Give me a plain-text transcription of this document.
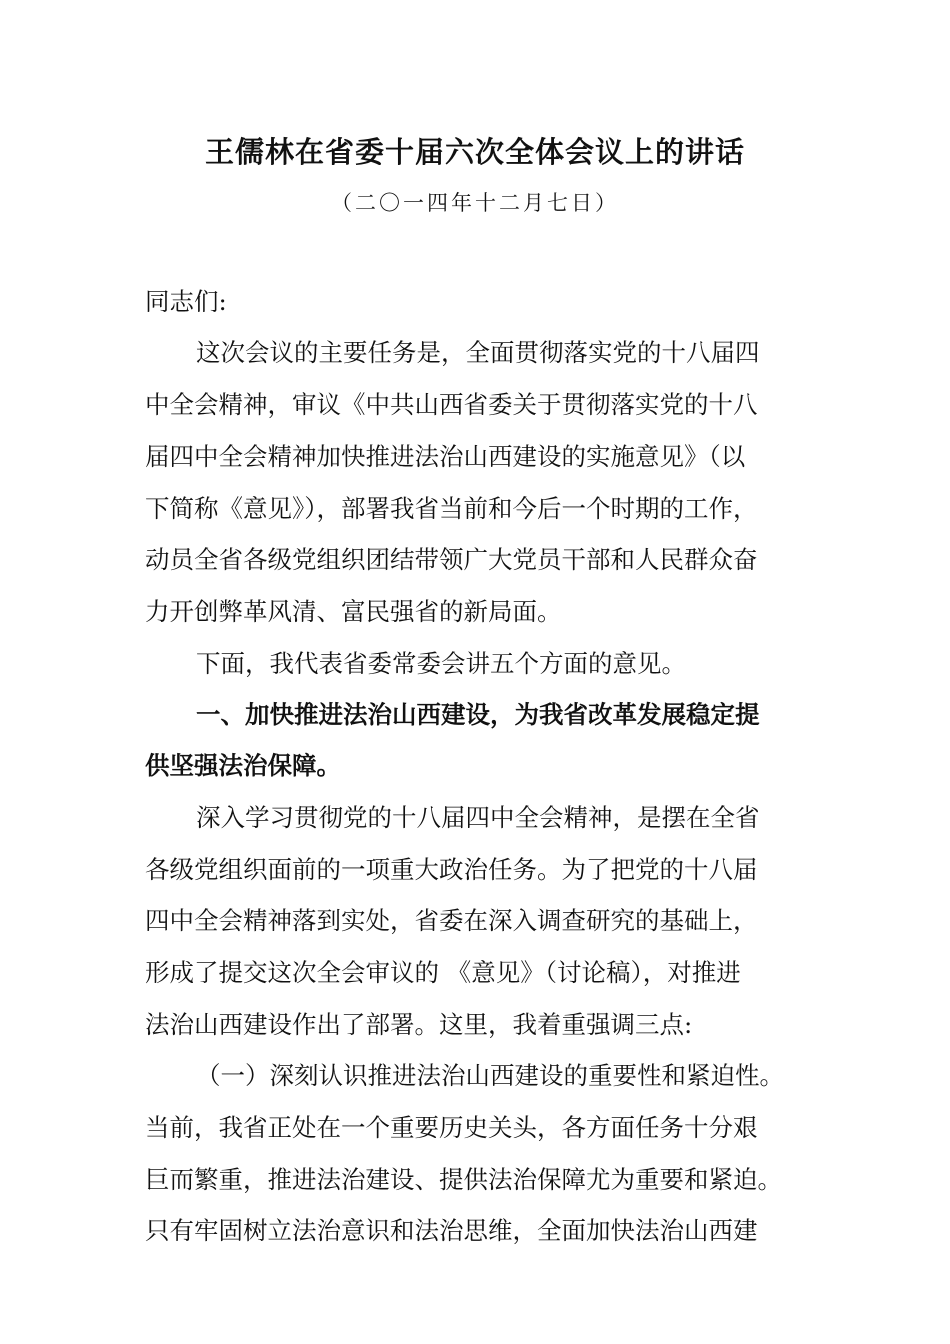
王儒林在省委十届六次全体会议上的讲话
（二〇一四年十二月七日）
同志们:
这次会议的主要任务是，全面贯彻落实党的十八届四
中全会精神，审议《中共山西省委关于贯彻落实党的十八
届四中全会精神加快推进法治山西建设的实施意见》（以
下简称《意见》），部署我省当前和今后一个时期的工作，
动员全省各级党组织团结带领广大党员干部和人民群众奋
力开创弊革风清、富民强省的新局面。
下面，我代表省委常委会讲五个方面的意见。
一、加快推进法治山西建设，为我省改革发展稳定提
供坚强法治保障。
深入学习贯彻党的十八届四中全会精神，是摆在全省
各级党组织面前的一项重大政治任务。为了把党的十八届
四中全会精神落到实处，省委在深入调查研究的基础上，
形成了提交这次全会审议的 《意见》（讨论稿），对推进
法治山西建设作出了部署。这里，我着重强调三点:
（一）深刻认识推进法治山西建设的重要性和紧迫性。
当前，我省正处在一个重要历史关头，各方面任务十分艰
巨而繁重，推进法治建设、提供法治保障尤为重要和紧迫。
只有牢固树立法治意识和法治思维，全面加快法治山西建
